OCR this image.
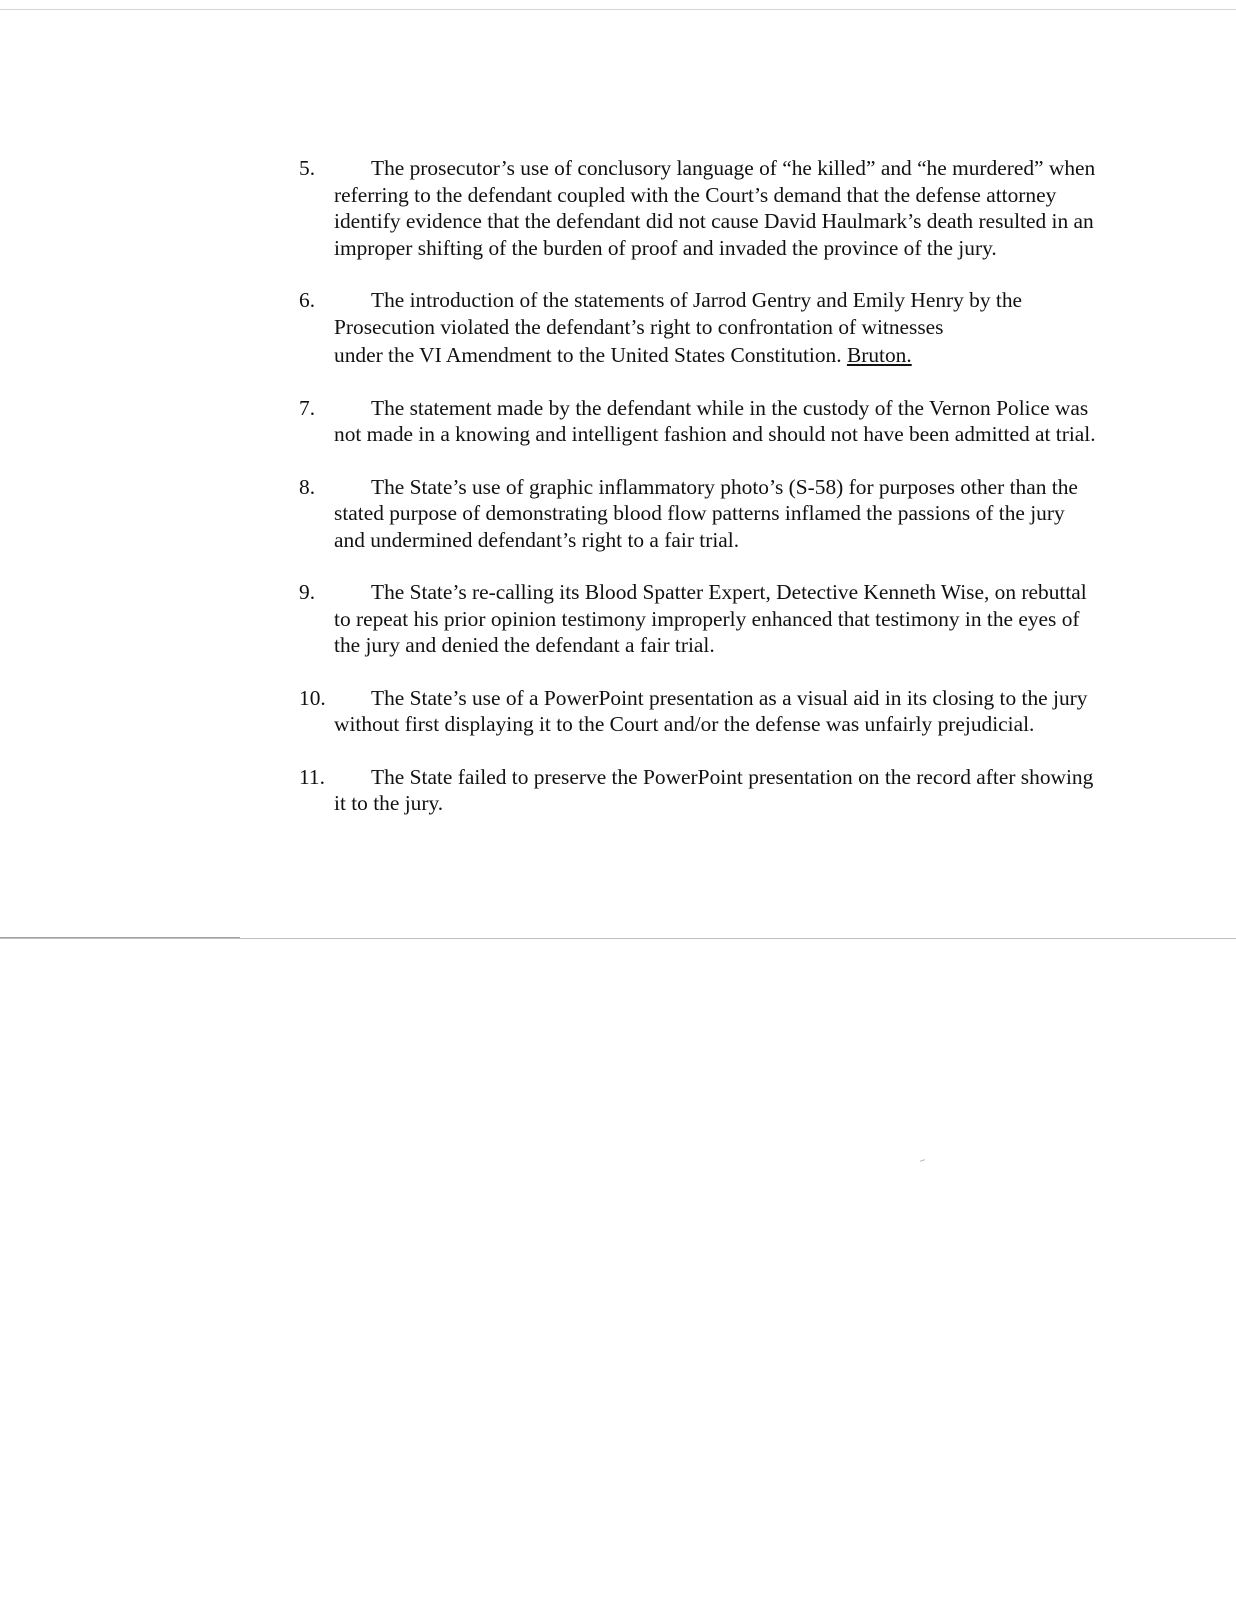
5.	The prosecutor’s use of conclusory language of “he killed” and “he murdered” when referring to the defendant coupled with the Court’s demand that the defense attorney identify evidence that the defendant did not cause David Haulmark’s death resulted in an improper shifting of the burden of proof and invaded the province of the jury.
6.	The introduction of the statements of Jarrod Gentry and Emily Henry by the Prosecution violated the defendant’s right to confrontation of witnesses
under the VI Amendment to the United States Constitution. Bruton.
7.	The statement made by the defendant while in the custody of the Vernon Police was not made in a knowing and intelligent fashion and should not have been admitted at trial.
8.	The State’s use of graphic inflammatory photo’s (S-58) for purposes other than the stated purpose of demonstrating blood flow patterns inflamed the passions of the jury and undermined defendant’s right to a fair trial.
9.	The State’s re-calling its Blood Spatter Expert, Detective Kenneth Wise, on rebuttal to repeat his prior opinion testimony improperly enhanced that testimony in the eyes of the jury and denied the defendant a fair trial.
10.	The State’s use of a PowerPoint presentation as a visual aid in its closing to the jury without first displaying it to the Court and/or the defense was unfairly prejudicial.
11.	The State failed to preserve the PowerPoint presentation on the record after showing it to the jury.
